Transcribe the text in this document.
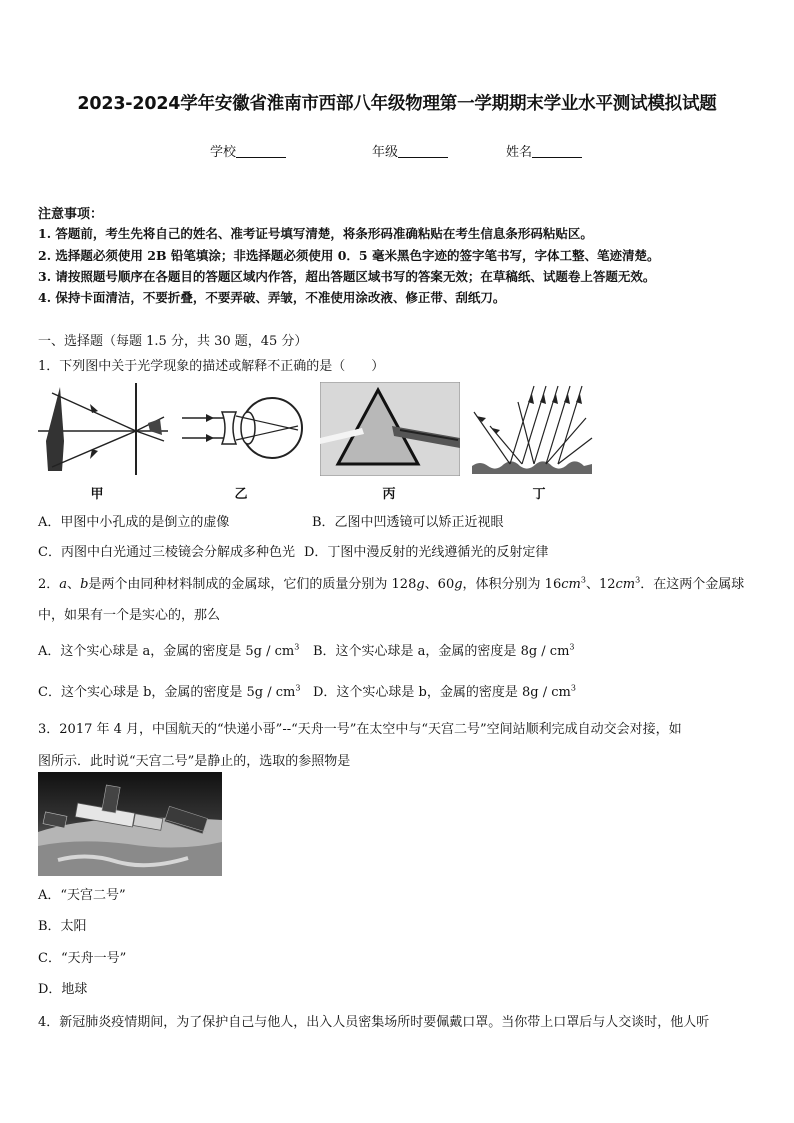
2023-2024学年安徽省淮南市西部八年级物理第一学期期末学业水平测试模拟试题
学校	年级	姓名
注意事项：
1. 答题前，考生先将自己的姓名、准考证号填写清楚，将条形码准确粘贴在考生信息条形码粘贴区。
2. 选择题必须使用 2B 铅笔填涂；非选择题必须使用 0．5 毫米黑色字迹的签字笔书写，字体工整、笔迹清楚。
3. 请按照题号顺序在各题目的答题区域内作答，超出答题区域书写的答案无效；在草稿纸、试题卷上答题无效。
4. 保持卡面清洁，不要折叠，不要弄破、弄皱，不准使用涂改液、修正带、刮纸刀。
一、选择题（每题 1.5 分，共 30 题，45 分）
1．下列图中关于光学现象的描述或解释不正确的是（　　）
甲	乙	丙	丁
A．甲图中小孔成的是倒立的虚像	B．乙图中凹透镜可以矫正近视眼
C．丙图中白光通过三棱镜会分解成多种色光 D．丁图中漫反射的光线遵循光的反射定律
2．a、b是两个由同种材料制成的金属球，它们的质量分别为 128g、60g，体积分别为 $16cm^3$、$12cm^3$．在这两个金属球
中，如果有一个是实心的，那么
A．这个实心球是 a，金属的密度是 $5g / cm^3$ B．这个实心球是 a，金属的密度是 $8g / cm^3$
C．这个实心球是 b，金属的密度是 $5g / cm^3$ D．这个实心球是 b，金属的密度是 $8g / cm^3$
3．2017 年 4 月，中国航天的“快递小哥”--“天舟一号”在太空中与“天宫二号”空间站顺利完成自动交会对接，如
图所示．此时说“天宫二号”是静止的，选取的参照物是
A．“天宫二号”
B．太阳
C．“天舟一号”
D．地球
4．新冠肺炎疫情期间，为了保护自己与他人，出入人员密集场所时要佩戴口罩。当你带上口罩后与人交谈时，他人听
